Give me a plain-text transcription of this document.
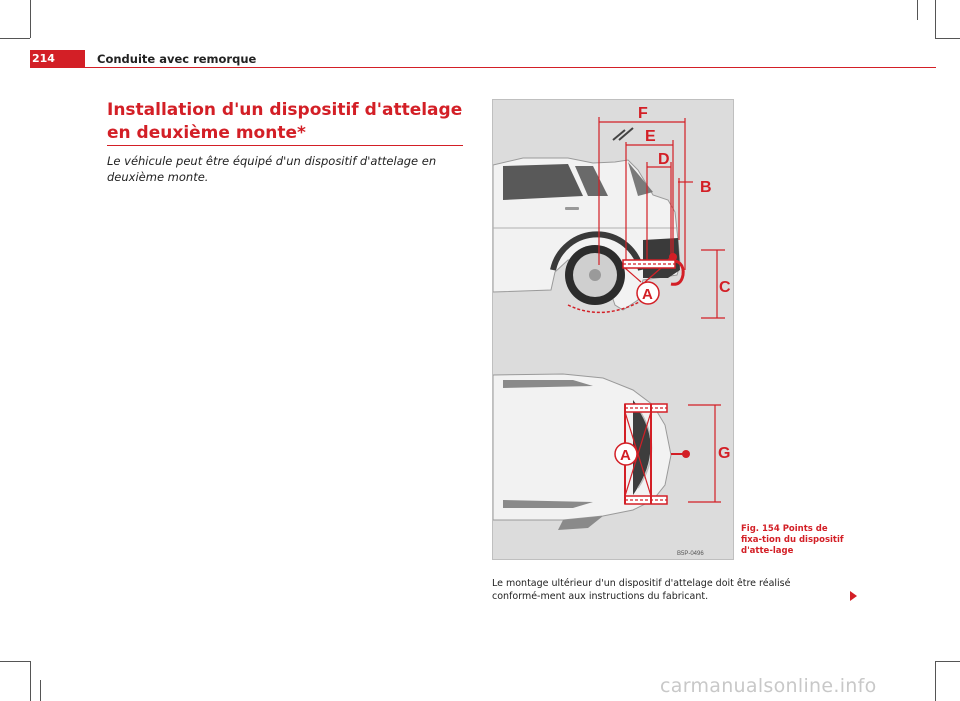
214	Conduite avec remorque
Installation d'un dispositif d'attelage en deuxième monte*
Le véhicule peut être équipé d'un dispositif d'attelage en deuxième monte.
F
E
D
B
C
A
A	G
B5P-0496
Fig. 154 Points de fixa-tion du dispositif d'atte-lage
Le montage ultérieur d'un dispositif d'attelage doit être réalisé conformé-ment aux instructions du fabricant.
carmanualsonline.info
